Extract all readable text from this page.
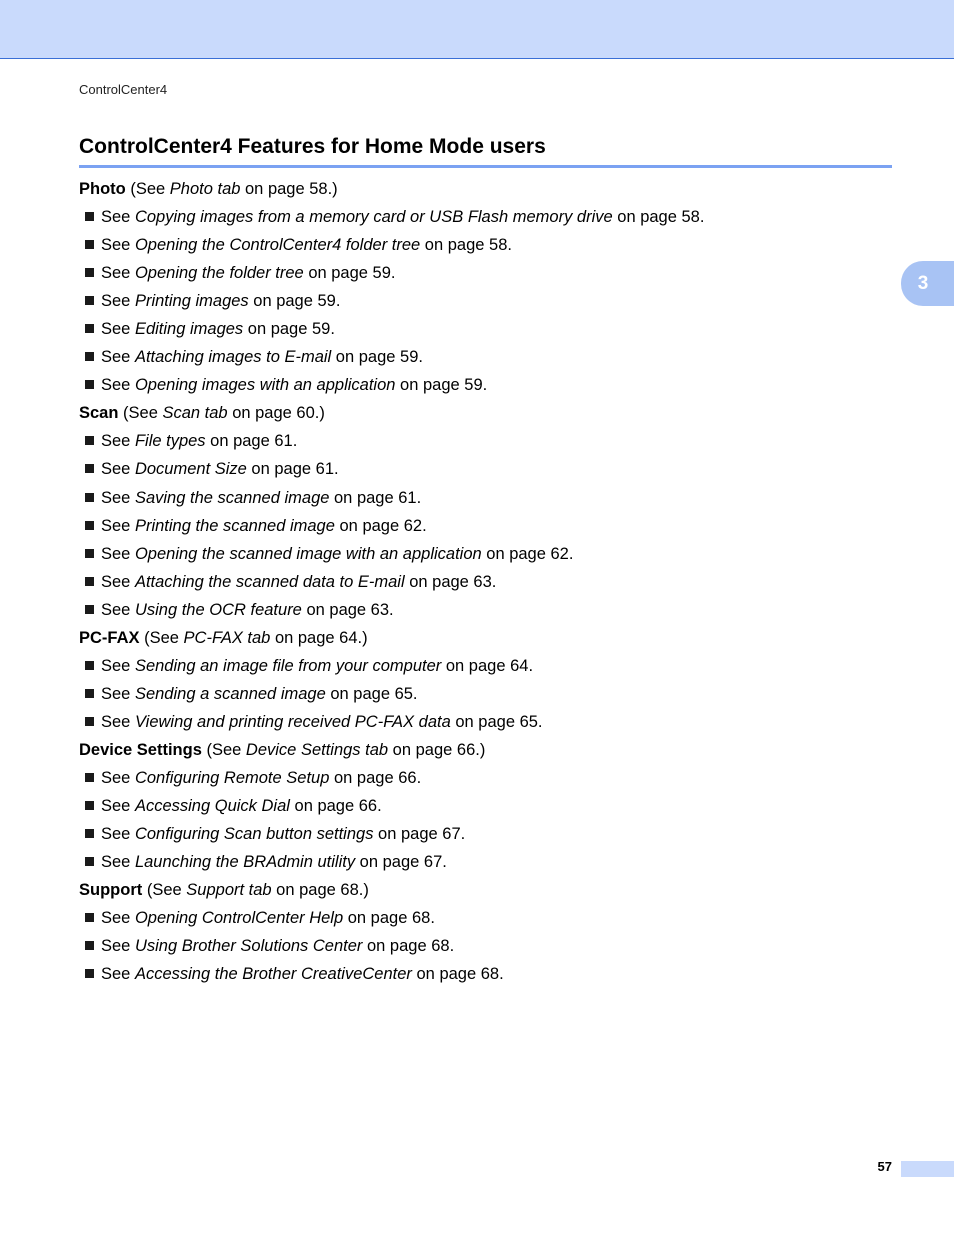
ControlCenter4
ControlCenter4 Features for Home Mode users
3
Photo (See Photo tab on page 58.)
See Copying images from a memory card or USB Flash memory drive on page 58.
See Opening the ControlCenter4 folder tree on page 58.
See Opening the folder tree on page 59.
See Printing images on page 59.
See Editing images on page 59.
See Attaching images to E-mail on page 59.
See Opening images with an application on page 59.
Scan (See Scan tab on page 60.)
See File types on page 61.
See Document Size on page 61.
See Saving the scanned image on page 61.
See Printing the scanned image on page 62.
See Opening the scanned image with an application on page 62.
See Attaching the scanned data to E-mail on page 63.
See Using the OCR feature on page 63.
PC-FAX (See PC-FAX tab on page 64.)
See Sending an image file from your computer on page 64.
See Sending a scanned image on page 65.
See Viewing and printing received PC-FAX data on page 65.
Device Settings (See Device Settings tab on page 66.)
See Configuring Remote Setup on page 66.
See Accessing Quick Dial on page 66.
See Configuring Scan button settings on page 67.
See Launching the BRAdmin utility on page 67.
Support (See Support tab on page 68.)
See Opening ControlCenter Help on page 68.
See Using Brother Solutions Center on page 68.
See Accessing the Brother CreativeCenter on page 68.
57
